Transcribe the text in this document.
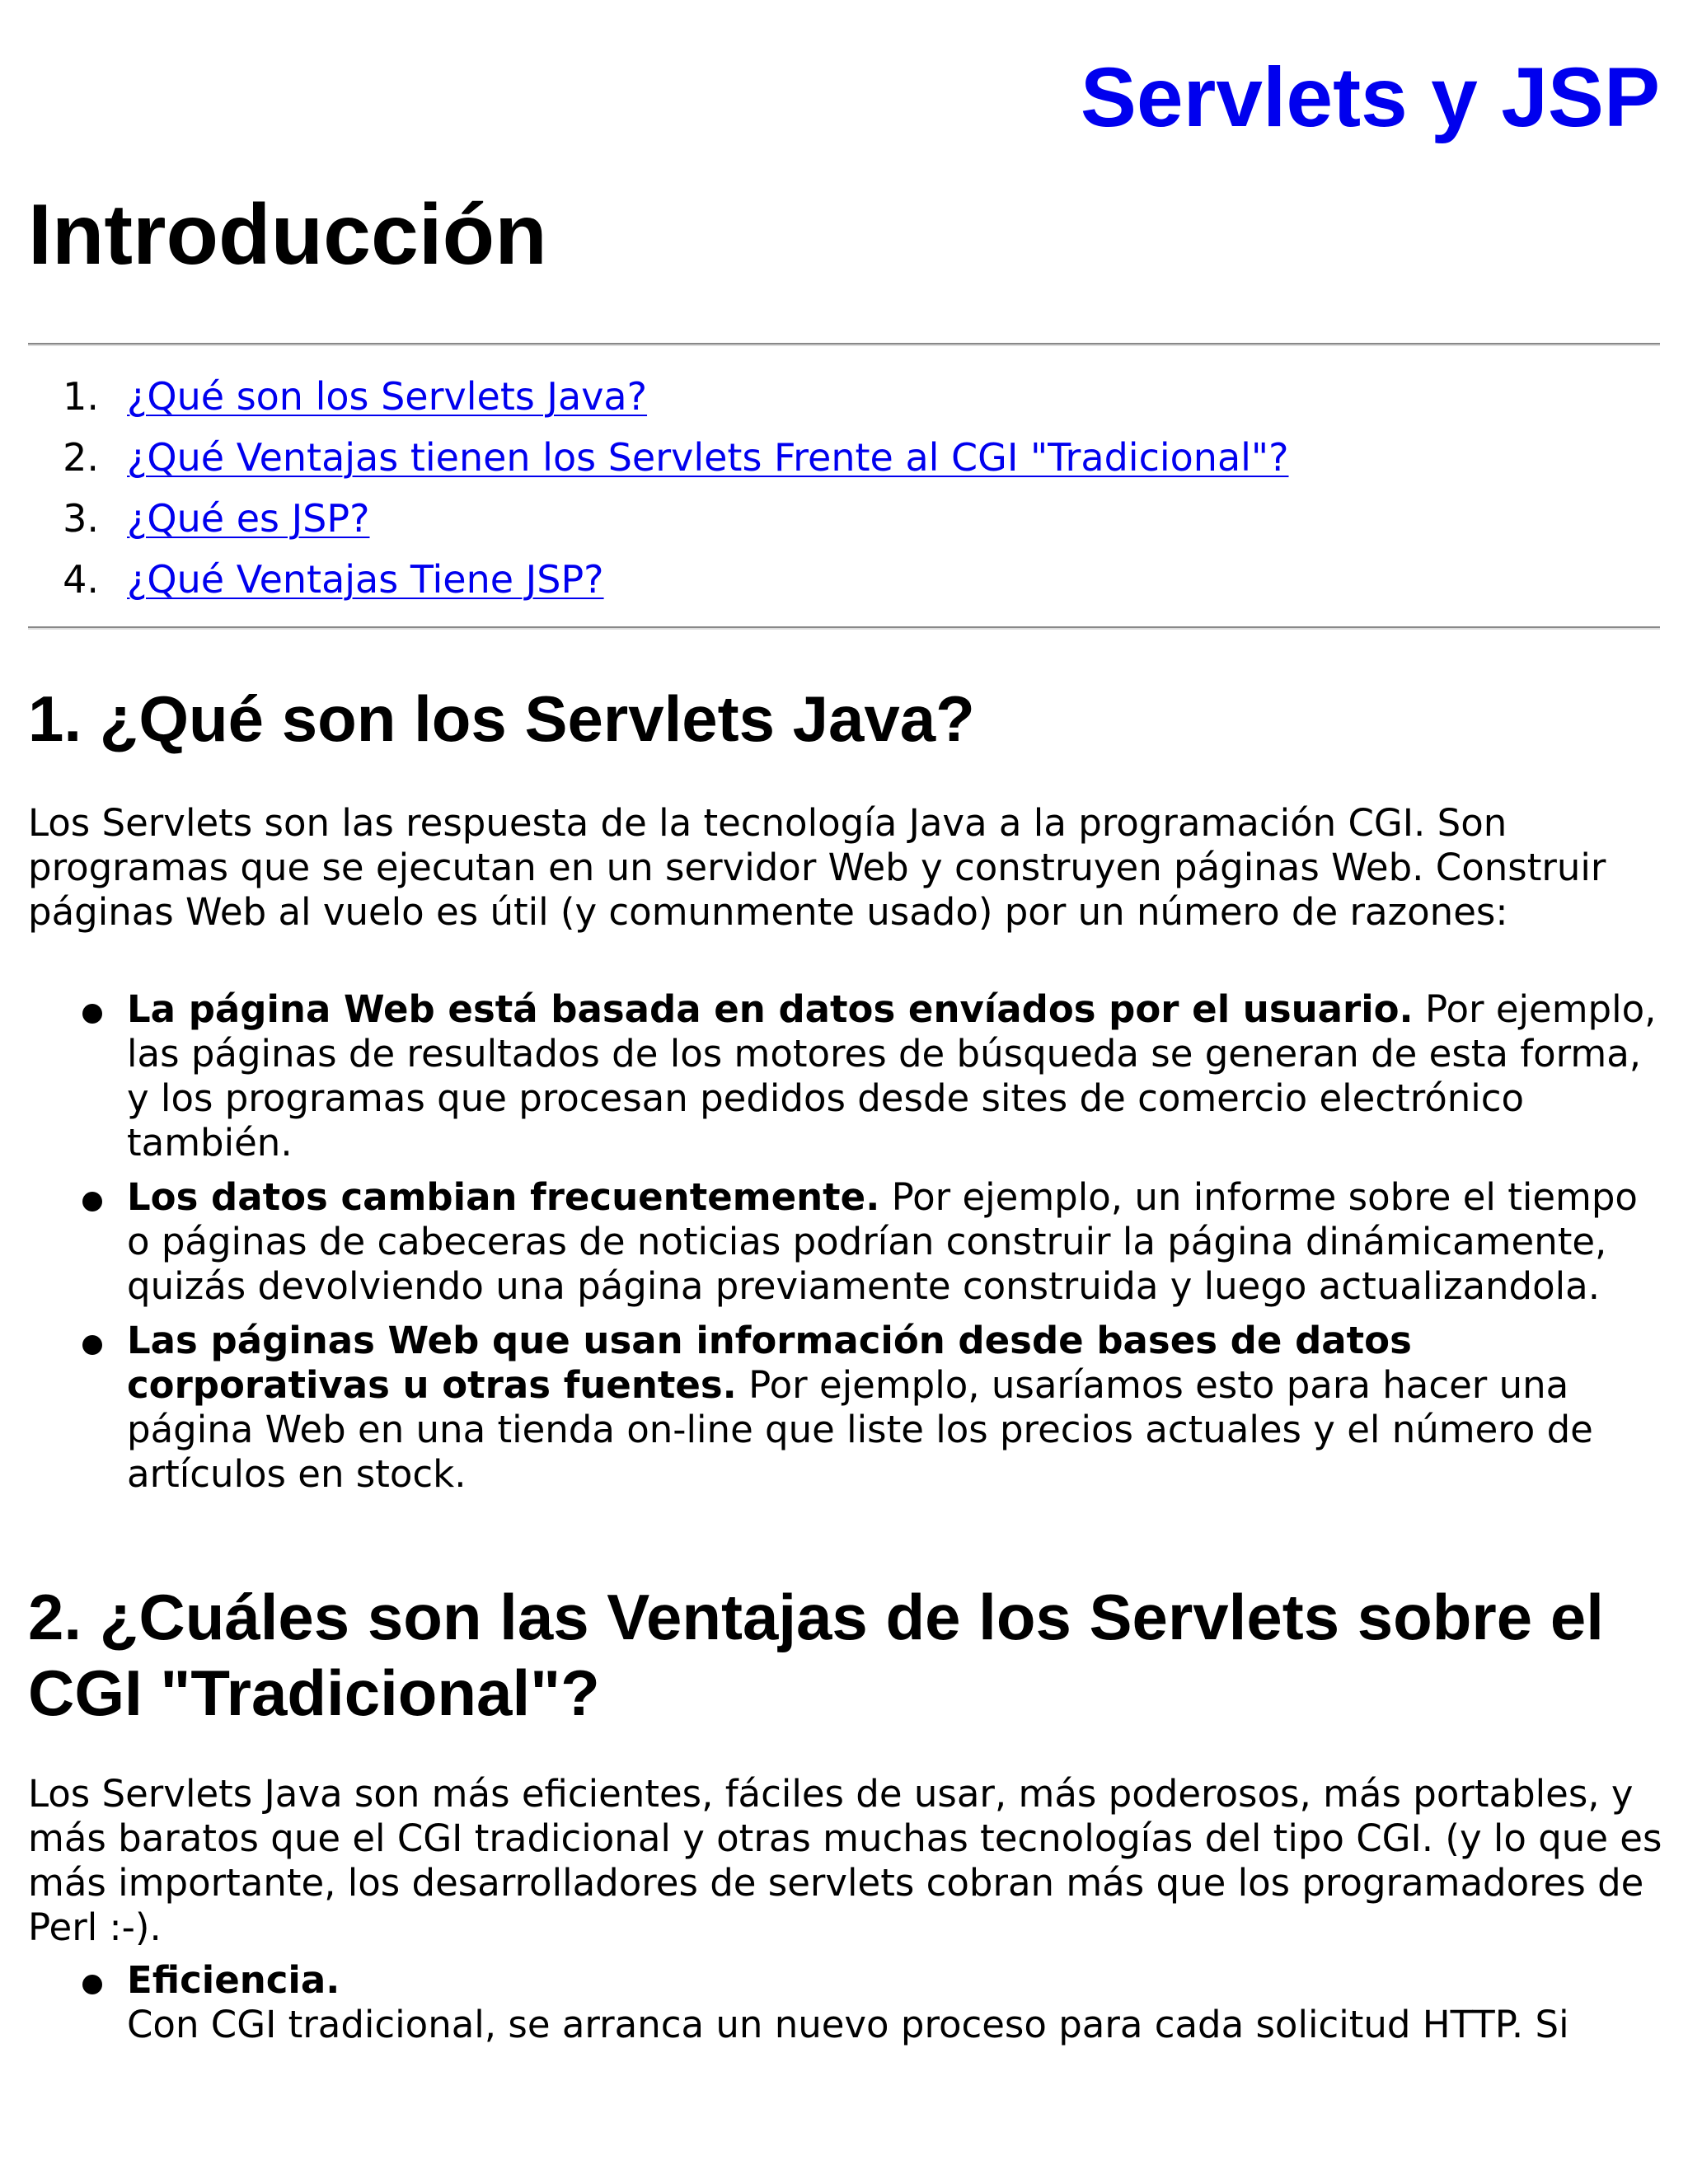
Servlets y JSP
Introducción
1. ¿Qué son los Servlets Java?
2. ¿Qué Ventajas tienen los Servlets Frente al CGI "Tradicional"?
3. ¿Qué es JSP?
4. ¿Qué Ventajas Tiene JSP?
1. ¿Qué son los Servlets Java?

Los Servlets son las respuesta de la tecnología Java a la programación CGI. Son programas que se ejecutan en un servidor Web y construyen páginas Web. Construir páginas Web al vuelo es útil (y comunmente usado) por un número de razones:

La página Web está basada en datos envíados por el usuario. Por ejemplo, las páginas de resultados de los motores de búsqueda se generan de esta forma, y los programas que procesan pedidos desde sites de comercio electrónico también.
Los datos cambian frecuentemente. Por ejemplo, un informe sobre el tiempo o páginas de cabeceras de noticias podrían construir la página dinámicamente, quizás devolviendo una página previamente construida y luego actualizandola.
Las páginas Web que usan información desde bases de datos corporativas u otras fuentes. Por ejemplo, usaríamos esto para hacer una página Web en una tienda on-line que liste los precios actuales y el número de artículos en stock.
2. ¿Cuáles son las Ventajas de los Servlets sobre el CGI "Tradicional"?

Los Servlets Java son más eficientes, fáciles de usar, más poderosos, más portables, y más baratos que el CGI tradicional y otras muchas tecnologías del tipo CGI. (y lo que es más importante, los desarrolladores de servlets cobran más que los programadores de Perl :-).

Eficiencia.
Con CGI tradicional, se arranca un nuevo proceso para cada solicitud HTTP. Si
